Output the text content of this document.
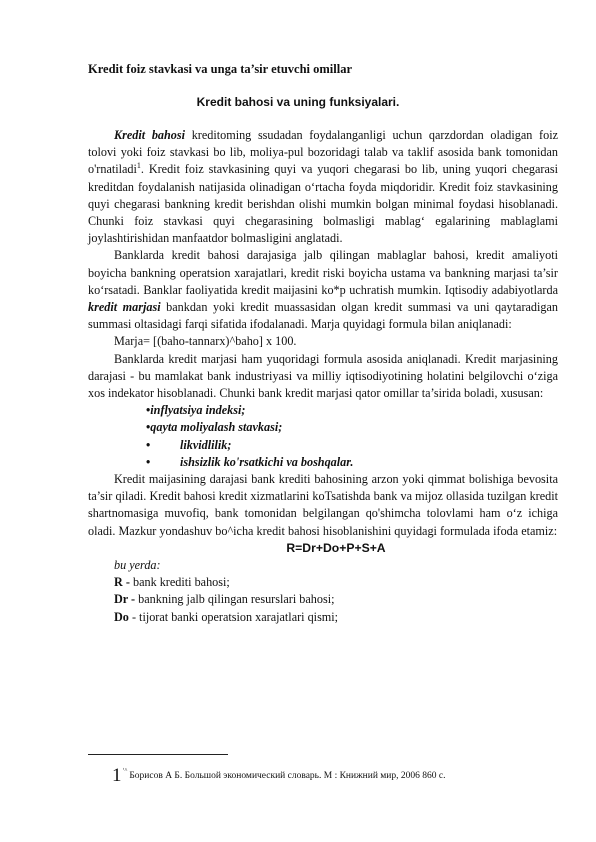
Kredit foiz stavkasi va unga ta’sir etuvchi omillar
Kredit bahosi va uning funksiyalari.

Kredit bahosi kreditoming ssudadan foydalanganligi uchun qarzdordan oladigan foiz tolovi yoki foiz stavkasi bo lib, moliya-pul bozoridagi talab va taklif asosida bank tomonidan o'rnatiladi$^1$. Kredit foiz stavkasining quyi va yuqori chegarasi bo lib, uning yuqori chegarasi kreditdan foydalanish natijasida olinadigan o‘rtacha foyda miqdoridir. Kredit foiz stavkasining quyi chegarasi bankning kredit berishdan olishi mumkin bolgan minimal foydasi hisoblanadi. Chunki foiz stavkasi quyi chegarasining bolmasligi mablag‘ egalarining mablaglami joylashtirishidan manfaatdor bolmasligini anglatadi.

Banklarda kredit bahosi darajasiga jalb qilingan mablaglar bahosi, kredit amaliyoti boyicha bankning operatsion xarajatlari, kredit riski boyicha ustama va bankning marjasi ta’sir ko‘rsatadi. Banklar faoliyatida kredit maijasini ko*p uchratish mumkin. Iqtisodiy adabiyotlarda kredit marjasi bankdan yoki kredit muassasidan olgan kredit summasi va uni qaytaradigan summasi oltasidagi farqi sifatida ifodalanadi. Marja quyidagi formula bilan aniqlanadi:

Marja= [(baho-tannarx)^baho] x 100.

Banklarda kredit marjasi ham yuqoridagi formula asosida aniqlanadi. Kredit marjasining darajasi - bu mamlakat bank industriyasi va milliy iqtisodiyotining holatini belgilovchi o‘ziga xos indekator hisoblanadi. Chunki bank kredit marjasi qator omillar ta’sirida boladi, xususan:

•inflyatsiya indeksi;
•qayta moliyalash stavkasi;
• likvidlilik;
• ishsizlik ko'rsatkichi va boshqalar.

Kredit maijasining darajasi bank krediti bahosining arzon yoki qimmat bolishiga bevosita ta’sir qiladi. Kredit bahosi kredit xizmatlarini koTsatishda bank va mijoz ollasida tuzilgan kredit shartnomasiga muvofiq, bank tomonidan belgilangan qo'shimcha tolovlami ham o‘z ichiga oladi. Mazkur yondashuv bo^icha kredit bahosi hisoblanishini quyidagi formulada ifoda etamiz:

R=Dr+Do+P+S+A

bu yerda:

R - bank krediti bahosi;

Dr - bankning jalb qilingan resurslari bahosi;

Do - tijorat banki operatsion xarajatlari qismi;

$1^{ʻ\^{}}$ Борисов А Б. Большой экономический словарь. М : Книжний мир, 2006 860 с.
